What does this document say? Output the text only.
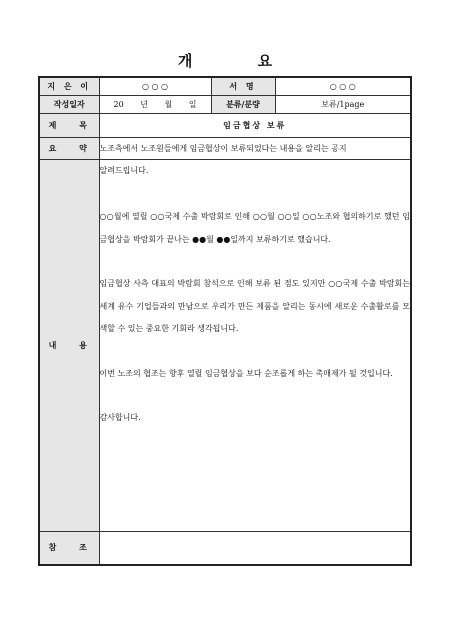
개 요
지 은 이	○ ○ ○	서 명	○ ○ ○
작성일자	20 년 월 일	분류/분량	보류/1page
제 목	임금협상 보류		
요 약	노조측에서 노조원들에게 임금협상이 보류되었다는 내용을 알리는 공지		
내 용	알려드립니다.

○○월에 열릴 ○○국제 수출 박람회로 인해 ○○월 ○○일 ○○노조와 협의하기로 했던 임금협상을 박람회가 끝나는 ●●월 ●●일까지 보류하기로 했습니다.

임금협상 사측 대표의 박람회 참석으로 인해 보류 된 점도 있지만 ○○국제 수출 박람회는 세계 유수 기업들과의 만남으로 우리가 만든 제품을 알리는 동시에 새로운 수출활로를 모색할 수 있는 중요한 기회라 생각됩니다.

이번 노조의 협조는 향후 열릴 임금협상을 보다 순조롭게 하는 촉매제가 될 것입니다.

감사합니다.		

참 조			
